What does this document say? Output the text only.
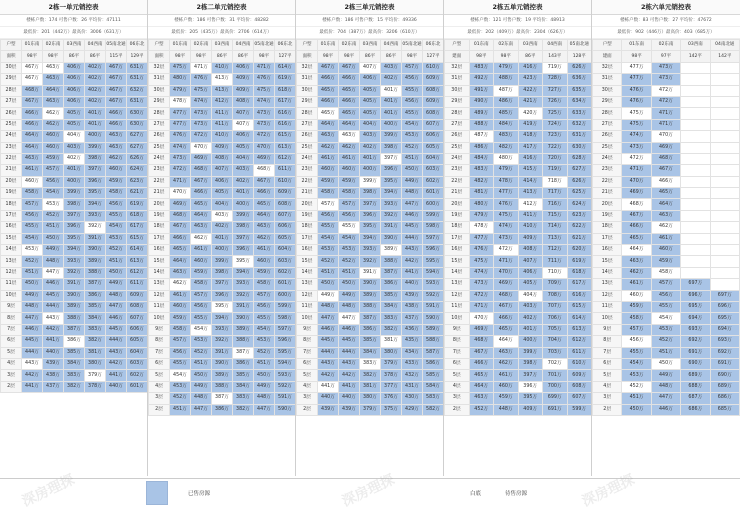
2栋一单元销控表
楼栋户数：174 可售户数：26 平均价：47111
最低价：201（442万）最高价：3006（631万）
户型	01东南	02东南	03西南	04西南	05南北通	06东北
面积	98平	98平	86平	86平	115平	129平
30层	467万	463万	406万	402万	467万	631万
29层	467万	463万	406万	402万	467万	631万
28层	468万	464万	406万	402万	467万	632万
27层	467万	463万	406万	402万	467万	631万
26层	466万	462万	405万	401万	466万	630万
25层	466万	462万	405万	401万	466万	630万
24层	464万	460万	404万	400万	463万	627万
23层	464万	460万	403万	399万	463万	627万
22层	463万	459万	402万	398万	462万	626万
21层	461万	457万	401万	397万	460万	624万
20层	460万	456万	400万	396万	459万	623万
19层	458万	454万	399万	395万	458万	621万
18层	457万	453万	398万	394万	456万	619万
17层	456万	452万	397万	393万	455万	618万
16层	455万	451万	396万	392万	454万	617万
15层	454万	450万	395万	391万	453万	615万
14层	453万	449万	394万	390万	452万	614万
13层	452万	448万	393万	389万	451万	613万
12层	451万	447万	392万	388万	450万	612万
11层	450万	446万	391万	387万	449万	611万
10层	449万	445万	390万	386万	448万	609万
9层	448万	444万	389万	385万	447万	608万
8层	447万	443万	388万	384万	446万	607万
7层	446万	442万	387万	383万	445万	606万
6层	445万	441万	386万	382万	444万	605万
5层	444万	440万	385万	381万	443万	604万
4层	443万	439万	384万	380万	442万	603万
3层	442万	438万	383万	379万	441万	602万
2层	441万	437万	382万	378万	440万	601万
2栋二单元销控表
楼栋户数：186 可售户数：31 平均价：48282
最低价：205（435万）最高价：2706（614万）
户型	01东南	02东南	03西南	04西南	05南北通	06东北
面积	98平	98平	86平	86平	98平	127平
32层	475万	471万	410万	406万	471万	614万
31层	480万	476万	413万	409万	476万	619万
30层	479万	475万	413万	409万	475万	618万
29层	478万	474万	412万	408万	474万	617万
28层	477万	473万	411万	407万	473万	616万
27层	477万	473万	411万	407万	473万	616万
26层	476万	472万	410万	406万	472万	615万
25层	474万	470万	409万	405万	470万	613万
24层	473万	469万	408万	404万	469万	612万
23层	472万	468万	407万	403万	468万	611万
22层	471万	467万	406万	402万	467万	610万
21层	470万	466万	405万	401万	466万	609万
20层	469万	465万	404万	400万	465万	608万
19层	468万	464万	403万	399万	464万	607万
18层	467万	463万	402万	398万	463万	606万
17层	466万	462万	401万	397万	462万	605万
16层	465万	461万	400万	396万	461万	604万
15层	464万	460万	399万	395万	460万	603万
14层	463万	459万	398万	394万	459万	602万
13层	462万	458万	397万	393万	458万	601万
12层	461万	457万	396万	392万	457万	600万
11层	460万	456万	395万	391万	456万	599万
10层	459万	455万	394万	390万	455万	598万
9层	458万	454万	393万	389万	454万	597万
8层	457万	453万	392万	388万	453万	596万
7层	456万	452万	391万	387万	452万	595万
6层	455万	451万	390万	386万	451万	594万
5层	454万	450万	389万	385万	450万	593万
4层	453万	449万	388万	384万	449万	592万
3层	452万	448万	387万	383万	448万	591万
2层	451万	447万	386万	382万	447万	590万
2栋三单元销控表
楼栋户数：186 可售户数：15 平均价：49336
最低价：704（387万）最高价：3206（610万）
户型	01东南	02东南	03西南	04西南	05南北通	06东北
面积	98平	98平	86平	86平	98平	127平
32层	467万	467万	407万	403万	457万	610万
31层	466万	466万	406万	402万	456万	609万
30层	465万	465万	405万	401万	455万	608万
29层	466万	466万	405万	401万	456万	609万
28层	465万	465万	405万	401万	455万	608万
27层	464万	464万	404万	400万	454万	607万
26层	463万	463万	403万	399万	453万	606万
25层	462万	462万	402万	398万	452万	605万
24层	461万	461万	401万	397万	451万	604万
23层	460万	460万	400万	396万	450万	603万
22层	459万	459万	399万	395万	449万	602万
21层	458万	458万	398万	394万	448万	601万
20层	457万	457万	397万	393万	447万	600万
19层	456万	456万	396万	392万	446万	599万
18层	455万	455万	395万	391万	445万	598万
17层	454万	454万	394万	390万	444万	597万
16层	453万	453万	393万	389万	443万	596万
15层	452万	452万	392万	388万	442万	595万
14层	451万	451万	391万	387万	441万	594万
13层	450万	450万	390万	386万	440万	593万
12层	449万	449万	389万	385万	439万	592万
11层	448万	448万	388万	384万	438万	591万
10层	447万	447万	387万	383万	437万	590万
9层	446万	446万	386万	382万	436万	589万
8层	445万	445万	385万	381万	435万	588万
7层	444万	444万	384万	380万	434万	587万
6层	443万	443万	383万	379万	433万	586万
5层	442万	442万	382万	378万	432万	585万
4层	441万	441万	381万	377万	431万	584万
3层	440万	440万	380万	376万	430万	583万
2层	439万	439万	379万	375万	429万	582万
2栋五单元销控表
楼栋户数：121 可售户数：19 平均价：48913
最低价：202（409万）最高价：2304（626万）
户型	01东南	02东南	03西南	04西南	05南北通
建面	98平	98平	86平	143平	128平
32层	483万	479万	416万	719万	626万
31层	492万	488万	423万	728万	636万
30层	491万	487万	422万	727万	635万
29层	490万	486万	421万	726万	634万
28层	489万	485万	420万	725万	633万
27层	488万	484万	419万	724万	632万
26层	487万	483万	418万	723万	631万
25层	486万	482万	417万	722万	630万
24层	484万	480万	416万	720万	628万
23层	483万	479万	415万	719万	627万
22层	482万	478万	414万	718万	626万
21层	481万	477万	413万	717万	625万
20层	480万	476万	412万	716万	624万
19层	479万	475万	411万	715万	623万
18层	478万	474万	410万	714万	622万
17层	477万	473万	409万	713万	621万
16层	476万	472万	408万	712万	620万
15层	475万	471万	407万	711万	619万
14层	474万	470万	406万	710万	618万
13层	473万	469万	405万	709万	617万
12层	472万	468万	404万	708万	616万
11层	471万	467万	403万	707万	615万
10层	470万	466万	402万	706万	614万
9层	469万	465万	401万	705万	613万
8层	468万	464万	400万	704万	612万
7层	467万	463万	399万	703万	611万
6层	466万	462万	398万	702万	610万
5层	465万	461万	397万	701万	609万
4层	464万	460万	396万	700万	608万
3层	463万	459万	395万	699万	607万
2层	452万	448万	409万	691万	599万
2栋六单元销控表
楼栋户数：83 可售户数：27 平均价：47672
最低价：902（446万）最高价：403（685万）
户型	01东南	02东南	03西南	04南北通
建面	98平	97平	142平	142平
32层	477万	473万		
31层	477万	473万		
30层	476万	472万		
29层	476万	472万		
28层	475万	471万		
27层	475万	471万		
26层	474万	470万		
25层	473万	469万		
24层	472万	468万		
23层	471万	467万		
22层	470万	466万		
21层	469万	465万		
20层	468万	464万		
19层	467万	463万		
18层	466万	462万		
17层	465万	461万		
16层	464万	460万		
15层	463万	459万		
14层	462万	458万		
13层	461万	457万	697万	
12层	460万	456万	696万	697万
11层	459万	455万	695万	696万
10层	458万	454万	694万	695万
9层	457万	453万	693万	694万
8层	456万	452万	692万	693万
7层	455万	451万	691万	692万
6层	454万	450万	690万	691万
5层	453万	449万	689万	690万
4层	452万	448万	688万	689万
3层	451万	447万	687万	686万
2层	450万	446万	686万	685万
已售房源	白底	待售房源
深房理探	深房理探	深房理探
